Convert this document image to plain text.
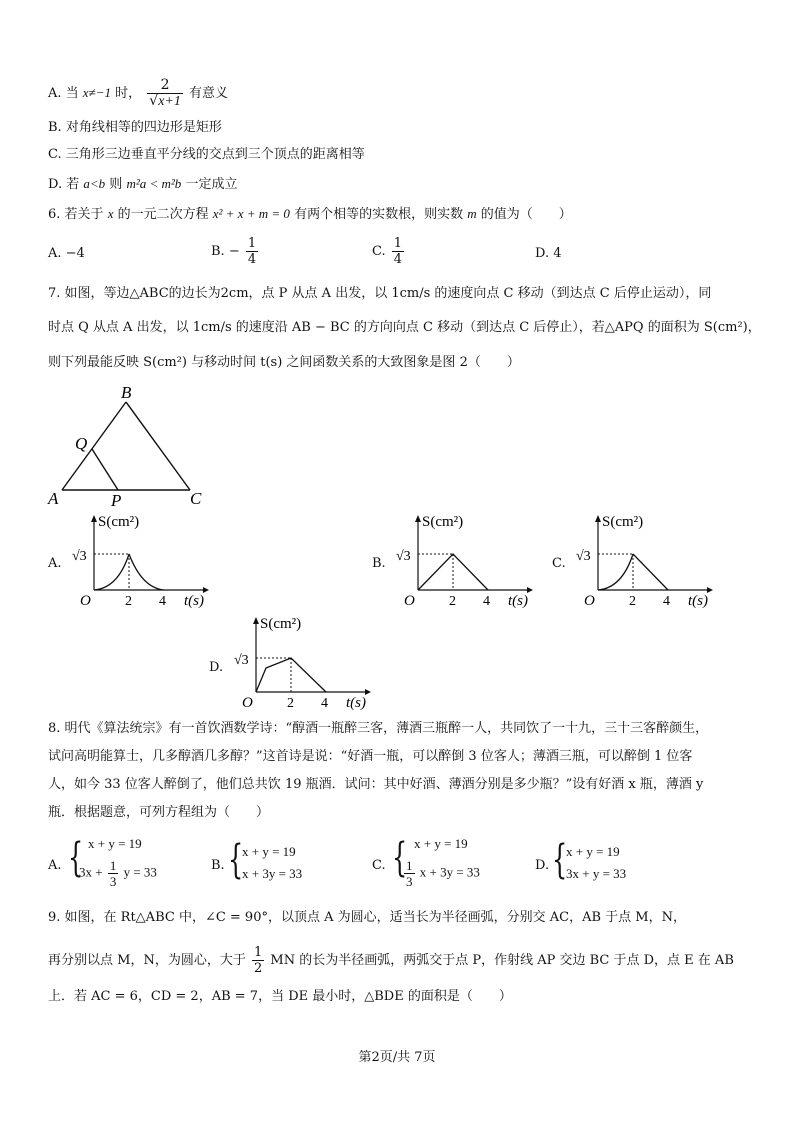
A. 当 x≠−1 时， $\frac{2}{√x+1}$ 有意义
B. 对角线相等的四边形是矩形
C. 三角形三边垂直平分线的交点到三个顶点的距离相等
D. 若 a<b 则 m²a < m²b 一定成立
6. 若关于 x 的一元二次方程 x² + x + m = 0 有两个相等的实数根，则实数 m 的值为（　　）
A. −4	B. − $\frac{1}{4}$	C. $\frac{1}{4}$	D. 4
7. 如图，等边△ABC的边长为2cm，点 P 从点 A 出发，以 1cm/s 的速度向点 C 移动（到达点 C 后停止运动），同
时点 Q 从点 A 出发，以 1cm/s 的速度沿 AB − BC 的方向向点 C 移动（到达点 C 后停止），若△APQ 的面积为 S(cm²)，
则下列最能反映 S(cm²) 与移动时间 t(s) 之间函数关系的大致图象是图 2（　　）
B
Q
A	P	C
A.	B.	C.
D.
S(cm²)
√3
O 2 4 t(s)
S(cm²)
√3
O 2 4 t(s)
S(cm²)
√3
O 2 4 t(s)
S(cm²)
√3
O 2 4 t(s)
8. 明代《算法统宗》有一首饮酒数学诗：“醇酒一瓶醉三客，薄酒三瓶醉一人，共同饮了一十九，三十三客醉颜生，
试问高明能算士，几多醇酒几多醇？”这首诗是说：“好酒一瓶，可以醉倒 3 位客人；薄酒三瓶，可以醉倒 1 位客
人，如今 33 位客人醉倒了，他们总共饮 19 瓶酒．试问：其中好酒、薄酒分别是多少瓶？”设有好酒 x 瓶，薄酒 y
瓶．根据题意，可列方程组为（　　）
A. { x + y = 19
$3x + \frac{1}{3}$ y = 33	B. {
x + y = 19
x + 3y = 33
C. { x + y = 19
$\frac{1}{3}$ x + 3y = 33	D. {
x + y = 19
3x + y = 33
9. 如图，在 Rt△ABC 中，∠C = 90°，以顶点 A 为圆心，适当长为半径画弧，分别交 AC，AB 于点 M，N，
再分别以点 M，N，为圆心，大于 $\frac{1}{2}$ MN 的长为半径画弧，两弧交于点 P，作射线 AP 交边 BC 于点 D，点 E 在 AB
上．若 AC = 6，CD = 2，AB = 7，当 DE 最小时，△BDE 的面积是（　　）
第2页/共 7页
